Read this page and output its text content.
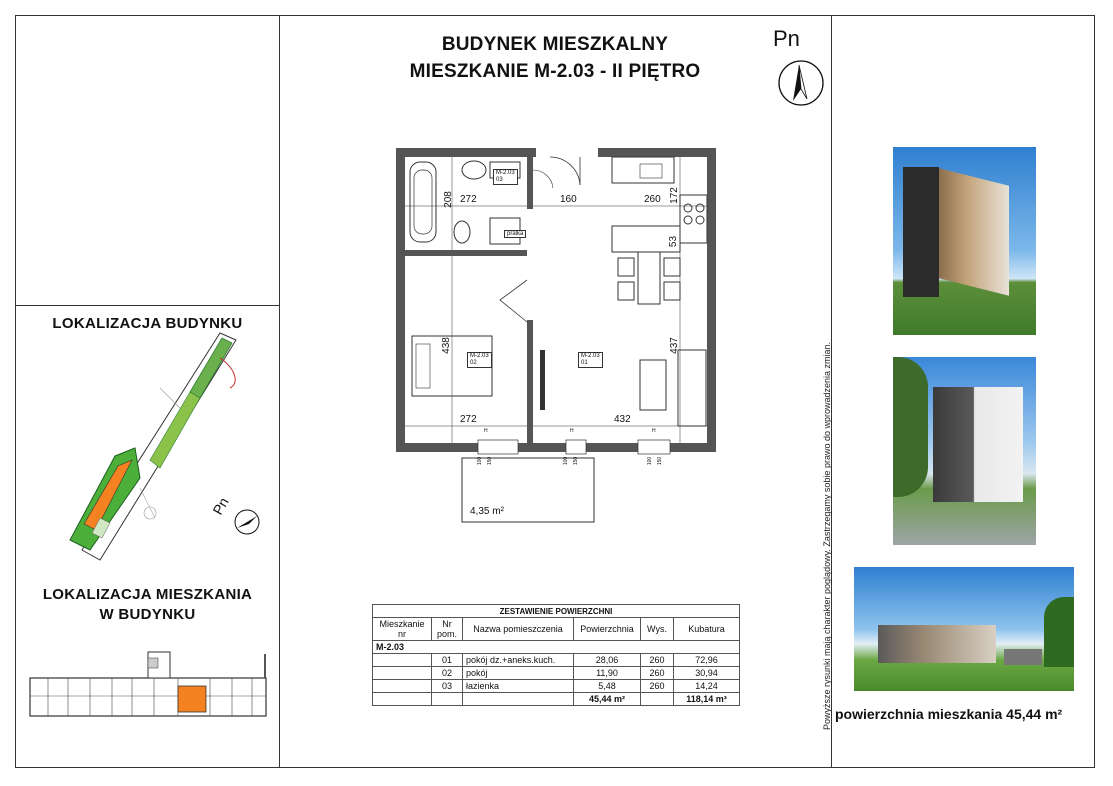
BUDYNEK MIESZKALNY
MIESZKANIE M-2.03 - II PIĘTRO
Pn
LOKALIZACJA BUDYNKU
Pn
LOKALIZACJA MIESZKANIA
W BUDYNKU
M-2.03
03
M-2.03
02
M-2.03
01
272
208	160	260 172
53
438	437
272	432
pralka
4,35 m²
H	H	H
100 150	100 150	100 150
ZESTAWIENIE POWIERZCHNI					
Mieszkanie nr	Nr pom.	Nazwa pomieszczenia	Powierzchnia	Wys.	Kubatura
M-2.03					
	01	pokój dz.+aneks.kuch.	28,06	260	72,96
	02	pokój	11,90	260	30,94
	03	łazienka	5,48	260	14,24
			45,44 m²		118,14 m³	Powyższe rysunki mają charakter poglądowy. Zastrzegamy sobie prawo do wprowadzenia zmian. powierzchnia mieszkania 45,44 m²
